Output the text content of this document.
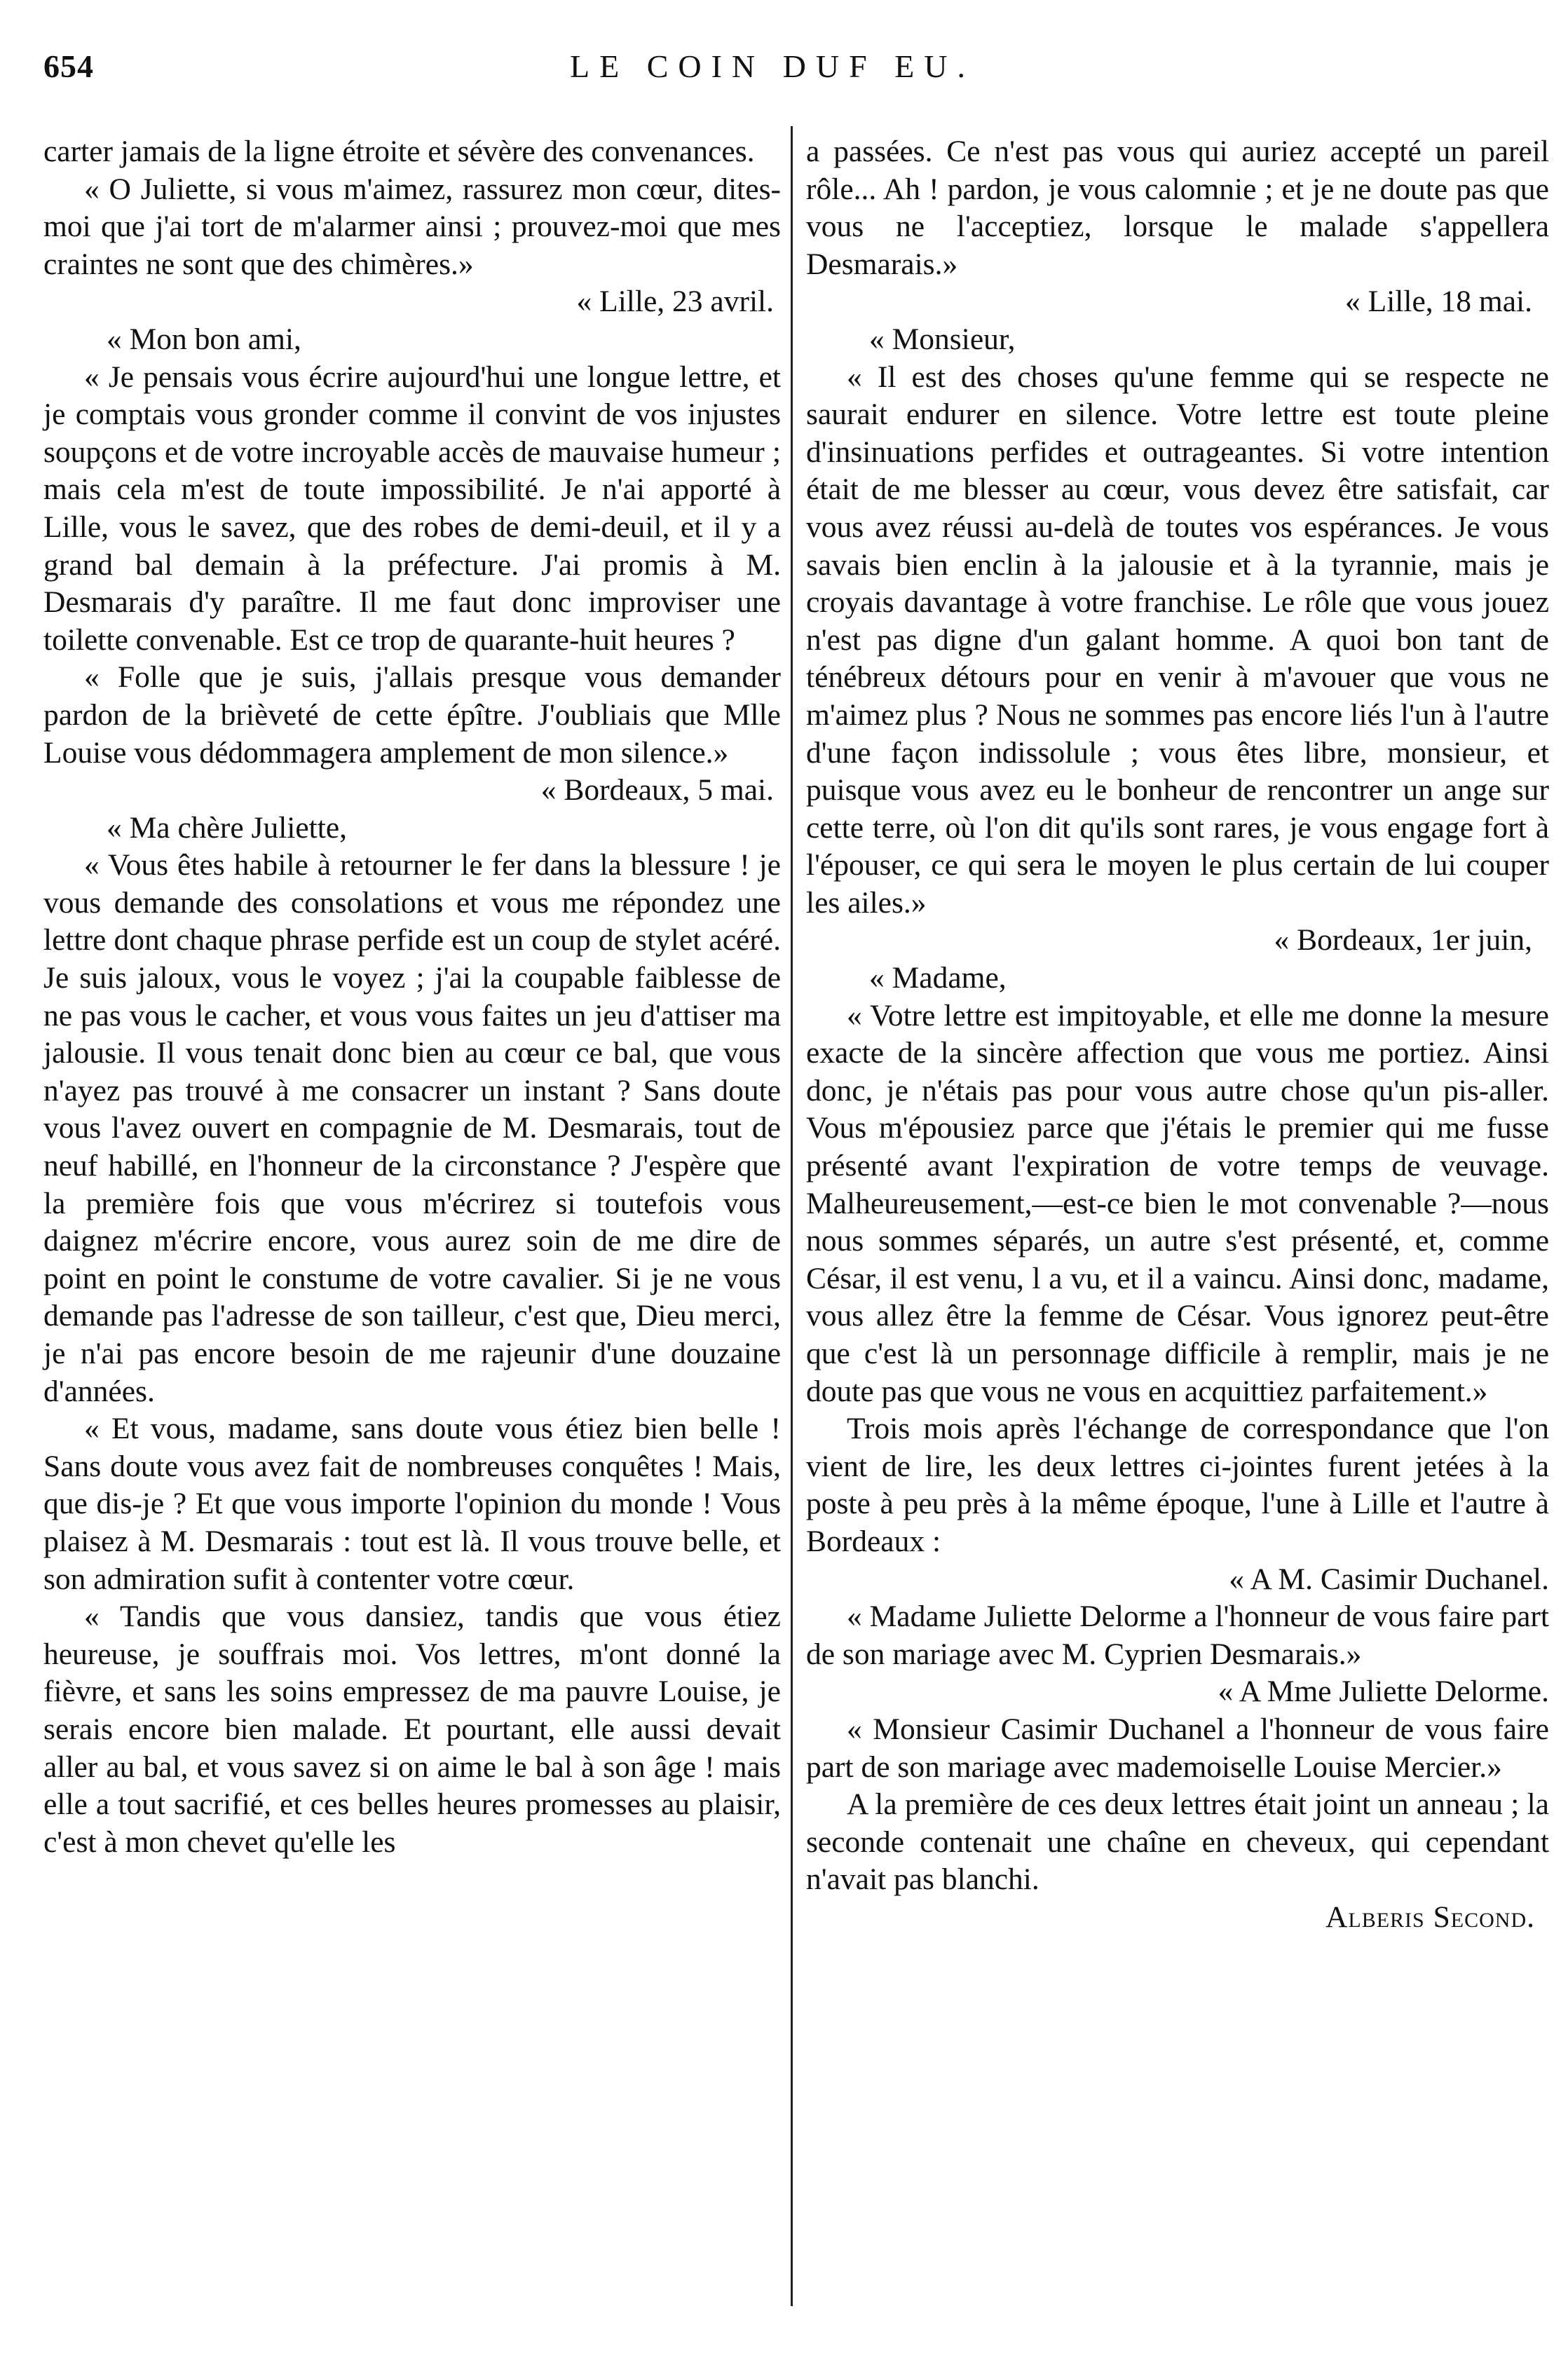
654	LE COIN DUF EU.

carter jamais de la ligne étroite et sévère des convenances.

« O Juliette, si vous m'aimez, rassurez mon cœur, dites-moi que j'ai tort de m'alarmer ainsi ; prouvez-moi que mes craintes ne sont que des chimères.»

« Lille, 23 avril.

« Mon bon ami,

« Je pensais vous écrire aujourd'hui une longue lettre, et je comptais vous gronder comme il convint de vos injustes soupçons et de votre incroyable accès de mauvaise humeur ; mais cela m'est de toute impossibilité. Je n'ai apporté à Lille, vous le savez, que des robes de demi-deuil, et il y a grand bal demain à la préfecture. J'ai promis à M. Desmarais d'y paraître. Il me faut donc improviser une toilette convenable. Est ce trop de quarante-huit heures ?

« Folle que je suis, j'allais presque vous demander pardon de la brièveté de cette épître. J'oubliais que Mlle Louise vous dédommagera amplement de mon silence.»

« Bordeaux, 5 mai.

« Ma chère Juliette,

« Vous êtes habile à retourner le fer dans la blessure ! je vous demande des consolations et vous me répondez une lettre dont chaque phrase perfide est un coup de stylet acéré. Je suis jaloux, vous le voyez ; j'ai la coupable faiblesse de ne pas vous le cacher, et vous vous faites un jeu d'attiser ma jalousie. Il vous tenait donc bien au cœur ce bal, que vous n'ayez pas trouvé à me consacrer un instant ? Sans doute vous l'avez ouvert en compagnie de M. Desmarais, tout de neuf habillé, en l'honneur de la circonstance ? J'espère que la première fois que vous m'écrirez si toutefois vous daignez m'écrire encore, vous aurez soin de me dire de point en point le constume de votre cavalier. Si je ne vous demande pas l'adresse de son tailleur, c'est que, Dieu merci, je n'ai pas encore besoin de me rajeunir d'une douzaine d'années.

« Et vous, madame, sans doute vous étiez bien belle ! Sans doute vous avez fait de nombreuses conquêtes ! Mais, que dis-je ? Et que vous importe l'opinion du monde ! Vous plaisez à M. Desmarais : tout est là. Il vous trouve belle, et son admiration sufit à contenter votre cœur.

« Tandis que vous dansiez, tandis que vous étiez heureuse, je souffrais moi. Vos lettres, m'ont donné la fièvre, et sans les soins empressez de ma pauvre Louise, je serais encore bien malade. Et pourtant, elle aussi devait aller au bal, et vous savez si on aime le bal à son âge ! mais elle a tout sacrifié, et ces belles heures promesses au plaisir, c'est à mon chevet qu'elle les

a passées. Ce n'est pas vous qui auriez accepté un pareil rôle... Ah ! pardon, je vous calomnie ; et je ne doute pas que vous ne l'acceptiez, lorsque le malade s'appellera Desmarais.»

« Lille, 18 mai.

« Monsieur,

« Il est des choses qu'une femme qui se respecte ne saurait endurer en silence. Votre lettre est toute pleine d'insinuations perfides et outrageantes. Si votre intention était de me blesser au cœur, vous devez être satisfait, car vous avez réussi au-delà de toutes vos espérances. Je vous savais bien enclin à la jalousie et à la tyrannie, mais je croyais davantage à votre franchise. Le rôle que vous jouez n'est pas digne d'un galant homme. A quoi bon tant de ténébreux détours pour en venir à m'avouer que vous ne m'aimez plus ? Nous ne sommes pas encore liés l'un à l'autre d'une façon indissolule ; vous êtes libre, monsieur, et puisque vous avez eu le bonheur de rencontrer un ange sur cette terre, où l'on dit qu'ils sont rares, je vous engage fort à l'épouser, ce qui sera le moyen le plus certain de lui couper les ailes.»

« Bordeaux, 1er juin,

« Madame,

« Votre lettre est impitoyable, et elle me donne la mesure exacte de la sincère affection que vous me portiez. Ainsi donc, je n'étais pas pour vous autre chose qu'un pis-aller. Vous m'épousiez parce que j'étais le premier qui me fusse présenté avant l'expiration de votre temps de veuvage. Malheureusement,—est-ce bien le mot convenable ?—nous nous sommes séparés, un autre s'est présenté, et, comme César, il est venu, l a vu, et il a vaincu. Ainsi donc, madame, vous allez être la femme de César. Vous ignorez peut-être que c'est là un personnage difficile à remplir, mais je ne doute pas que vous ne vous en acquittiez parfaitement.»

Trois mois après l'échange de correspondance que l'on vient de lire, les deux lettres ci-jointes furent jetées à la poste à peu près à la même époque, l'une à Lille et l'autre à Bordeaux :

« A M. Casimir Duchanel.

« Madame Juliette Delorme a l'honneur de vous faire part de son mariage avec M. Cyprien Desmarais.»

« A Mme Juliette Delorme.

« Monsieur Casimir Duchanel a l'honneur de vous faire part de son mariage avec mademoiselle Louise Mercier.»

A la première de ces deux lettres était joint un anneau ; la seconde contenait une chaîne en cheveux, qui cependant n'avait pas blanchi.

Alberis Second.
